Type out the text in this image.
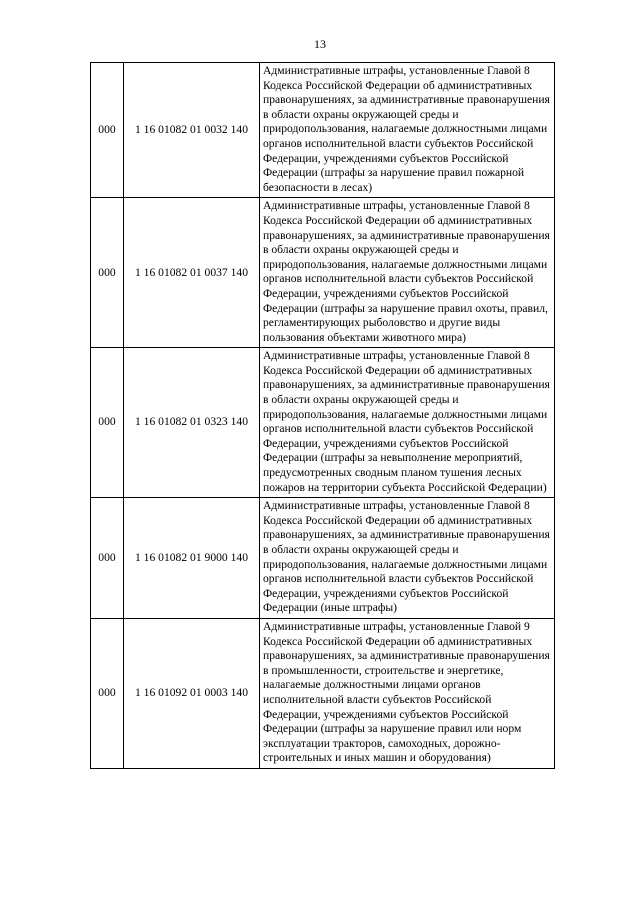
13
000	1 16 01082 01 0032 140	Административные штрафы, установленные Главой 8 Кодекса Российской Федерации об административных правонарушениях, за административные правонарушения в области охраны окружающей среды и природопользования, налагаемые должностными лицами органов исполнительной власти субъектов Российской Федерации, учреждениями субъектов Российской Федерации (штрафы за нарушение правил пожарной безопасности в лесах)
000	1 16 01082 01 0037 140	Административные штрафы, установленные Главой 8 Кодекса Российской Федерации об административных правонарушениях, за административные правонарушения в области охраны окружающей среды и природопользования, налагаемые должностными лицами органов исполнительной власти субъектов Российской Федерации, учреждениями субъектов Российской Федерации (штрафы за нарушение правил охоты, правил, регламентирующих рыболовство и другие виды пользования объектами животного мира)
000	1 16 01082 01 0323 140	Административные штрафы, установленные Главой 8 Кодекса Российской Федерации об административных правонарушениях, за административные правонарушения в области охраны окружающей среды и природопользования, налагаемые должностными лицами органов исполнительной власти субъектов Российской Федерации, учреждениями субъектов Российской Федерации (штрафы за невыполнение мероприятий, предусмотренных сводным планом тушения лесных пожаров на территории субъекта Российской Федерации)
000	1 16 01082 01 9000 140	Административные штрафы, установленные Главой 8 Кодекса Российской Федерации об административных правонарушениях, за административные правонарушения в области охраны окружающей среды и природопользования, налагаемые должностными лицами органов исполнительной власти субъектов Российской Федерации, учреждениями субъектов Российской Федерации (иные штрафы)
000	1 16 01092 01 0003 140	Административные штрафы, установленные Главой 9 Кодекса Российской Федерации об административных правонарушениях, за административные правонарушения в промышленности, строительстве и энергетике, налагаемые должностными лицами органов исполнительной власти субъектов Российской Федерации, учреждениями субъектов Российской Федерации (штрафы за нарушение правил или норм эксплуатации тракторов, самоходных, дорожно-строительных и иных машин и оборудования)
